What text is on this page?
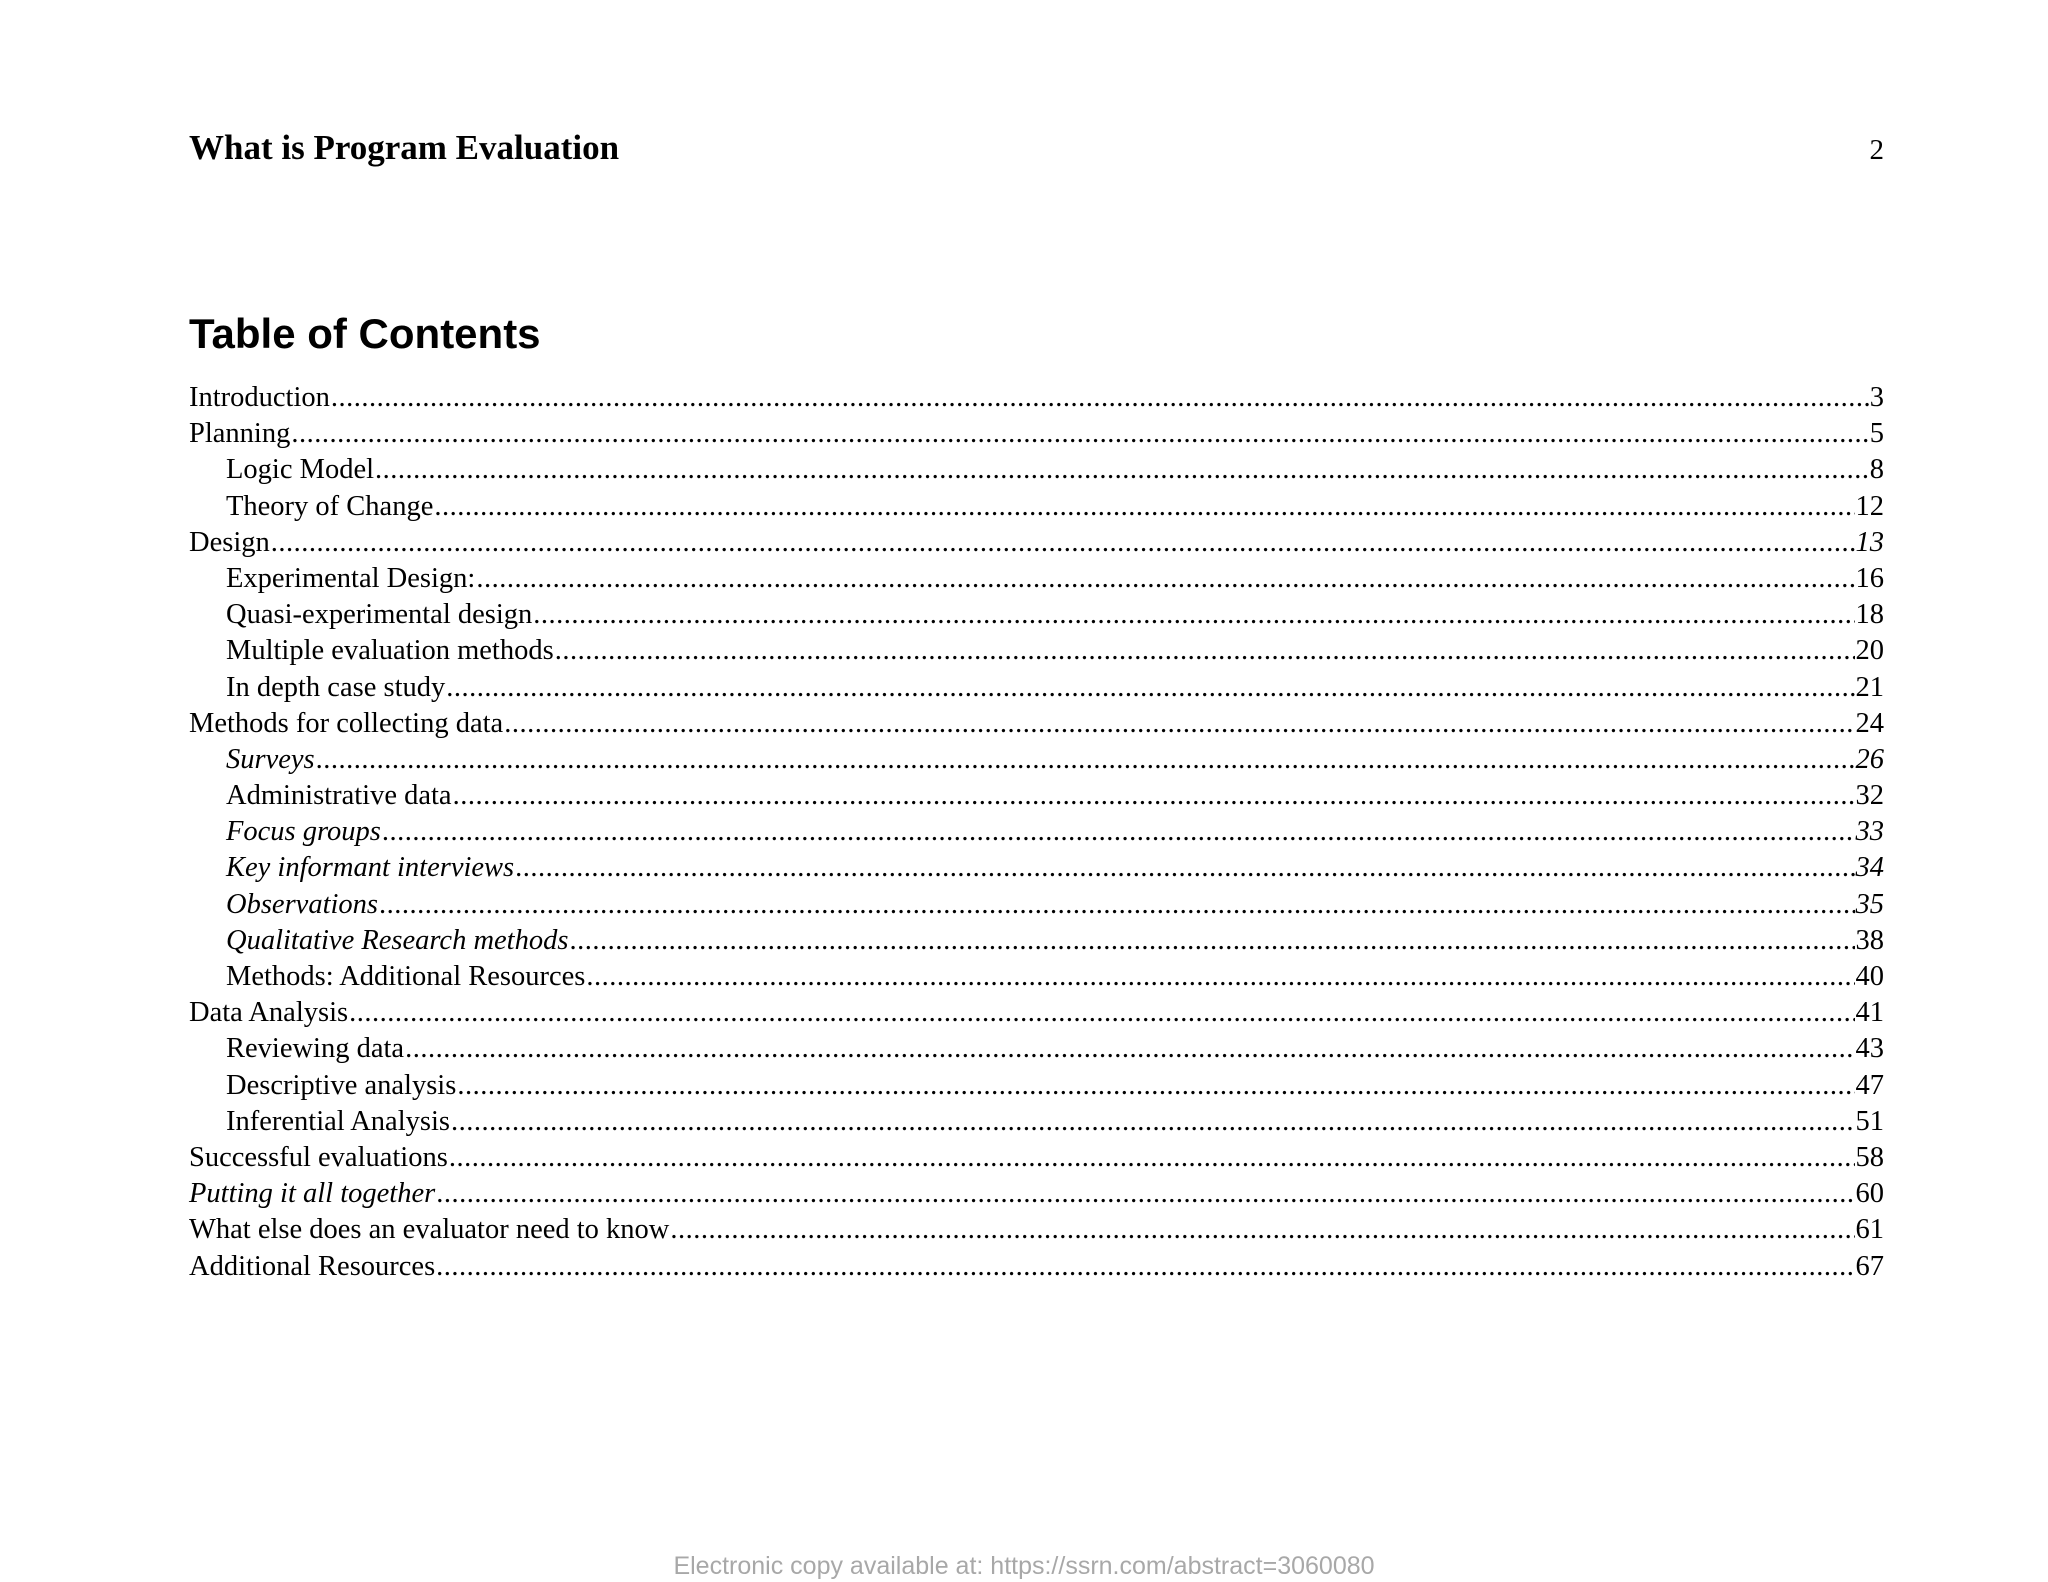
What is Program Evaluation	2
Table of Contents
Introduction .....	3
Planning .....	5
Logic Model .....	8
Theory of Change .....	12
Design .....	13
Experimental Design: .....	16
Quasi-experimental design .....	18
Multiple evaluation methods .....	20
In depth case study .....	21
Methods for collecting data .....	24
Surveys .....	26
Administrative data .....	32
Focus groups .....	33
Key informant interviews .....	34
Observations .....	35
Qualitative Research methods .....	38
Methods: Additional Resources .....	40
Data Analysis .....	41
Reviewing data .....	43
Descriptive analysis .....	47
Inferential Analysis .....	51
Successful evaluations .....	58
Putting it all together .....	60
What else does an evaluator need to know .....	61
Additional Resources .....	67
Electronic copy available at: https://ssrn.com/abstract=3060080
